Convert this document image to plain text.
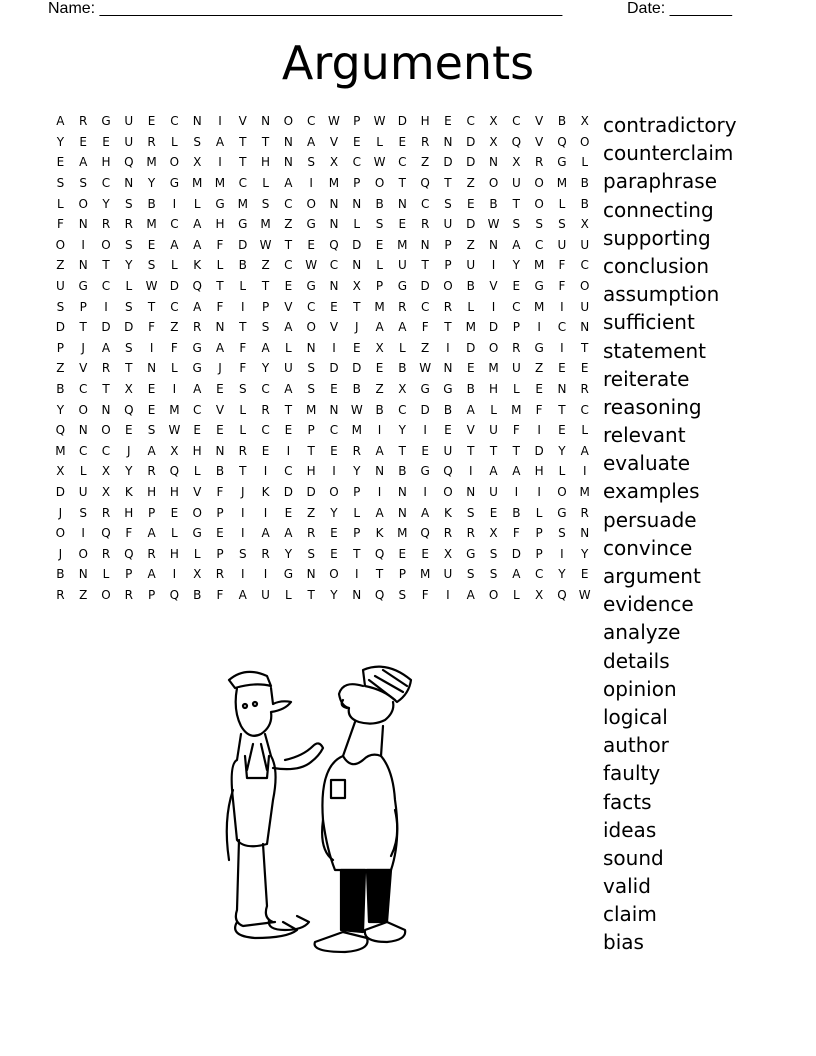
Name: ____________________________________________________	Date: _______
Arguments
A	R	G	U	E	C	N	I	V	N	O	C	W	P	W	D	H	E	C	X	C	V	B	X
Y	E	E	U	R	L	S	A	T	T	N	A	V	E	L	E	R	N	D	X	Q	V	Q	O
E	A	H	Q	M	O	X	I	T	H	N	S	X	C	W	C	Z	D	D	N	X	R	G	L
S	S	C	N	Y	G	M	M	C	L	A	I	M	P	O	T	Q	T	Z	O	U	O	M	B
L	O	Y	S	B	I	L	G	M	S	C	O	N	N	B	N	C	S	E	B	T	O	L	B
F	N	R	R	M	C	A	H	G	M	Z	G	N	L	S	E	R	U	D	W	S	S	S	X
O	I	O	S	E	A	A	F	D	W	T	E	Q	D	E	M	N	P	Z	N	A	C	U	U
Z	N	T	Y	S	L	K	L	B	Z	C	W	C	N	L	U	T	P	U	I	Y	M	F	C
U	G	C	L	W	D	Q	T	L	T	E	G	N	X	P	G	D	O	B	V	E	G	F	O
S	P	I	S	T	C	A	F	I	P	V	C	E	T	M	R	C	R	L	I	C	M	I	U
D	T	D	D	F	Z	R	N	T	S	A	O	V	J	A	A	F	T	M	D	P	I	C	N
P	J	A	S	I	F	G	A	F	A	L	N	I	E	X	L	Z	I	D	O	R	G	I	T
Z	V	R	T	N	L	G	J	F	Y	U	S	D	D	E	B	W	N	E	M	U	Z	E	E
B	C	T	X	E	I	A	E	S	C	A	S	E	B	Z	X	G	G	B	H	L	E	N	R
Y	O	N	Q	E	M	C	V	L	R	T	M	N	W	B	C	D	B	A	L	M	F	T	C
Q	N	O	E	S	W	E	E	L	C	E	P	C	M	I	Y	I	E	V	U	F	I	E	L
M	C	C	J	A	X	H	N	R	E	I	T	E	R	A	T	E	U	T	T	T	D	Y	A
X	L	X	Y	R	Q	L	B	T	I	C	H	I	Y	N	B	G	Q	I	A	A	H	L	I
D	U	X	K	H	H	V	F	J	K	D	D	O	P	I	N	I	O	N	U	I	I	O	M
J	S	R	H	P	E	O	P	I	I	E	Z	Y	L	A	N	A	K	S	E	B	L	G	R
O	I	Q	F	A	L	G	E	I	A	A	R	E	P	K	M	Q	R	R	X	F	P	S	N
J	O	R	Q	R	H	L	P	S	R	Y	S	E	T	Q	E	E	X	G	S	D	P	I	Y
B	N	L	P	A	I	X	R	I	I	G	N	O	I	T	P	M	U	S	S	A	C	Y	E
R	Z	O	R	P	Q	B	F	A	U	L	T	Y	N	Q	S	F	I	A	O	L	X	Q	W
contradictory
counterclaim
paraphrase
connecting
supporting
conclusion
assumption
sufficient
statement
reiterate
reasoning
relevant
evaluate
examples
persuade
convince
argument
evidence
analyze
details
opinion
logical
author
faulty
facts
ideas
sound
valid
claim
bias
